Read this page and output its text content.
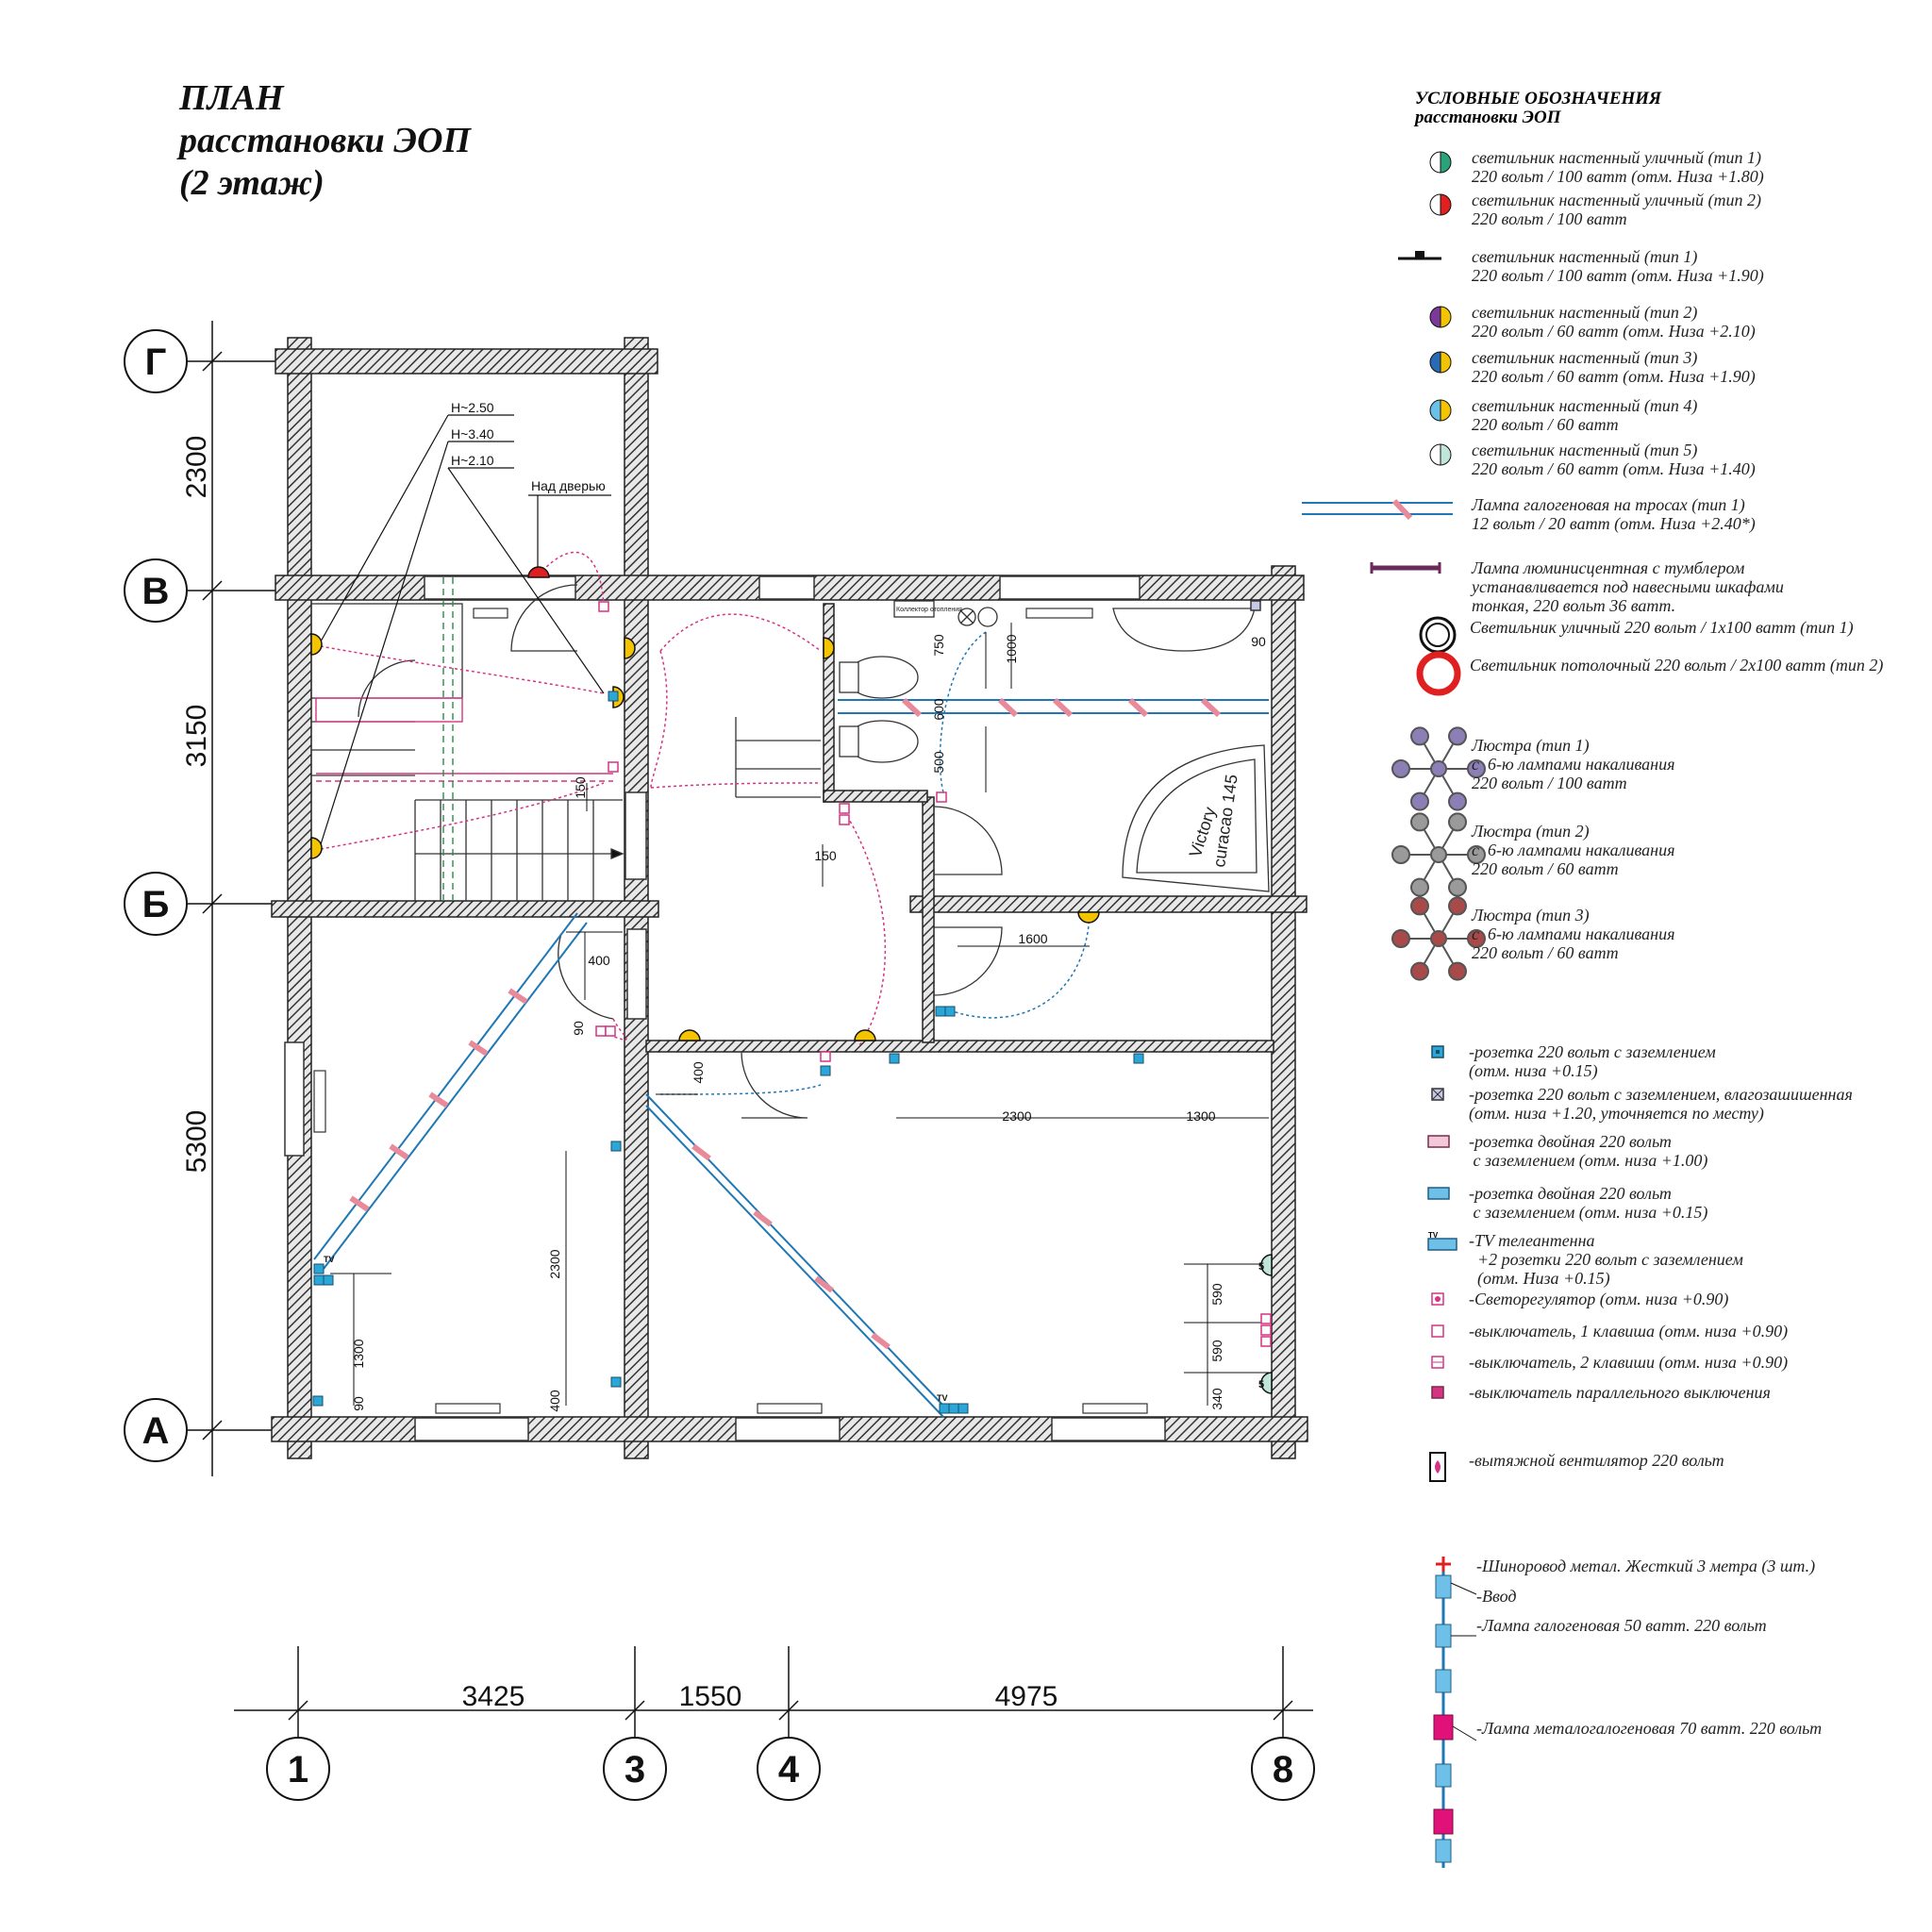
ПЛАН
расстановки ЭОП
(2 этаж)
Г
В
Б
А
1	3	4	8
2300
3150
5300
3425	1550	4975
Victory
curacao 145
Коллектор отопления
H~2.50
H~3.40
H~2.10
Над дверью
750	1000
600
500
90
150
150
400
1600
90
400
2300	1300
2300
400
1300
90
590
590
340
5
5
TV
TV
УСЛОВНЫЕ ОБОЗНАЧЕНИЯ
расстановки ЭОП
светильник настенный уличный (тип 1)
220 вольт / 100 ватт (отм. Низа +1.80)
светильник настенный уличный (тип 2)
220 вольт / 100 ватт
светильник настенный (тип 1)
220 вольт / 100 ватт (отм. Низа +1.90)
светильник настенный (тип 2)
220 вольт / 60 ватт (отм. Низа +2.10)
светильник настенный (тип 3)
220 вольт / 60 ватт (отм. Низа +1.90)
светильник настенный (тип 4)
220 вольт / 60 ватт
светильник настенный (тип 5)
220 вольт / 60 ватт (отм. Низа +1.40)
Лампа галогеновая на тросах (тип 1)
12 вольт / 20 ватт (отм. Низа +2.40*)
Лампа люминисцентная с тумблером
устанавливается под навесными шкафами
тонкая, 220 вольт 36 ватт.
Светильник уличный 220 вольт / 1х100 ватт (тип 1)
Светильник потолочный 220 вольт / 2х100 ватт (тип 2)
Люстра (тип 1)
с  6-ю лампами накаливания
220 вольт / 100 ватт
Люстра (тип 2)
с  6-ю лампами накаливания
220 вольт / 60 ватт
Люстра (тип 3)
с  6-ю лампами накаливания
220 вольт / 60 ватт
-розетка 220 вольт с заземлением
(отм. низа +0.15)
-розетка 220 вольт с заземлением, влагозашишенная
(отм. низа +1.20, уточняется по месту)
-розетка двойная 220 вольт
с заземлением (отм. низа +1.00)
-розетка двойная 220 вольт
с заземлением (отм. низа +0.15)
TV -TV телеантенна
+2 розетки 220 вольт с заземлением
(отм. Низа +0.15)
-Светорегулятор (отм. низа +0.90)
-выключатель, 1 клавиша (отм. низа +0.90)
-выключатель, 2 клавиши (отм. низа +0.90)
-выключатель параллельного выключения
-вытяжной вентилятор 220 вольт
-Шиноровод метал. Жесткий 3 метра (3 шт.)
-Ввод
-Лампа галогеновая 50 ватт. 220 вольт
-Лампа металогалогеновая 70 ватт. 220 вольт
